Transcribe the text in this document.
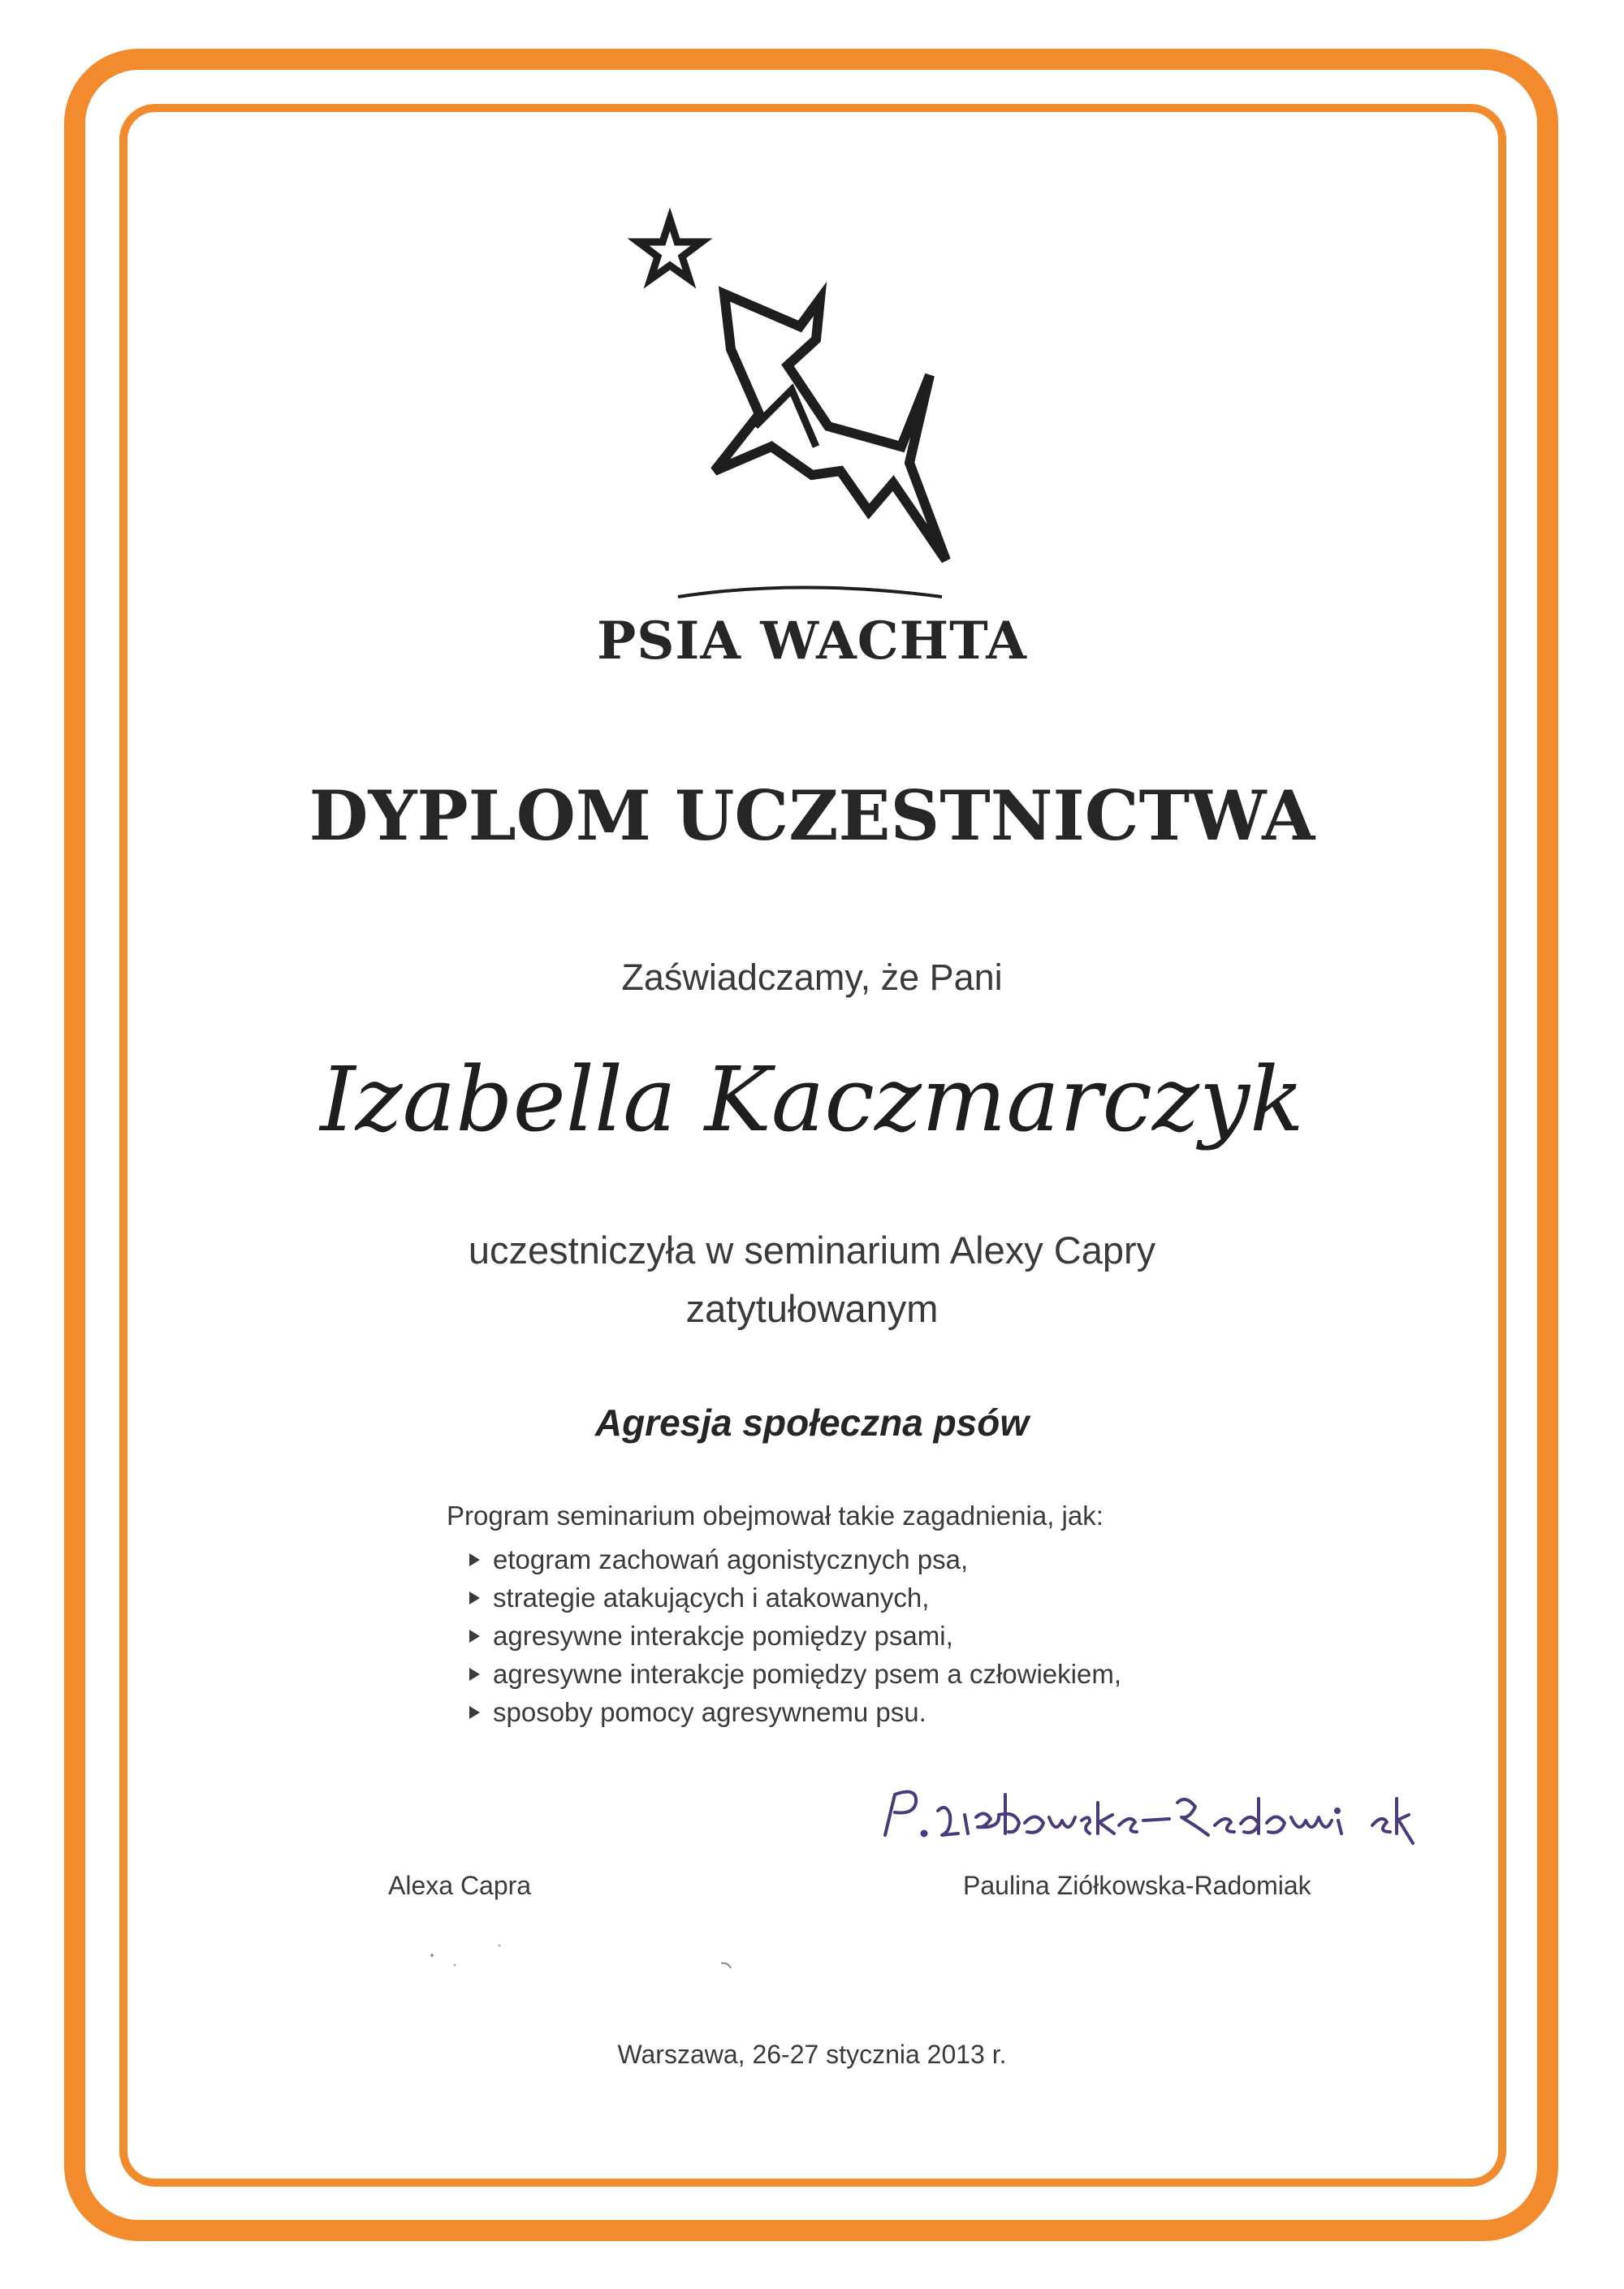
PSIA WACHTA
DYPLOM UCZESTNICTWA
Zaświadczamy, że Pani
Izabella Kaczmarczyk
uczestniczyła w seminarium Alexy Capry
zatytułowanym
Agresja społeczna psów

Program seminarium obejmował takie zagadnienia, jak:

etogram zachowań agonistycznych psa,
strategie atakujących i atakowanych,
agresywne interakcje pomiędzy psami,
agresywne interakcje pomiędzy psem a człowiekiem,
sposoby pomocy agresywnemu psu.
Alexa Capra	Paulina Ziółkowska-Radomiak
Warszawa, 26-27 stycznia 2013 r.
